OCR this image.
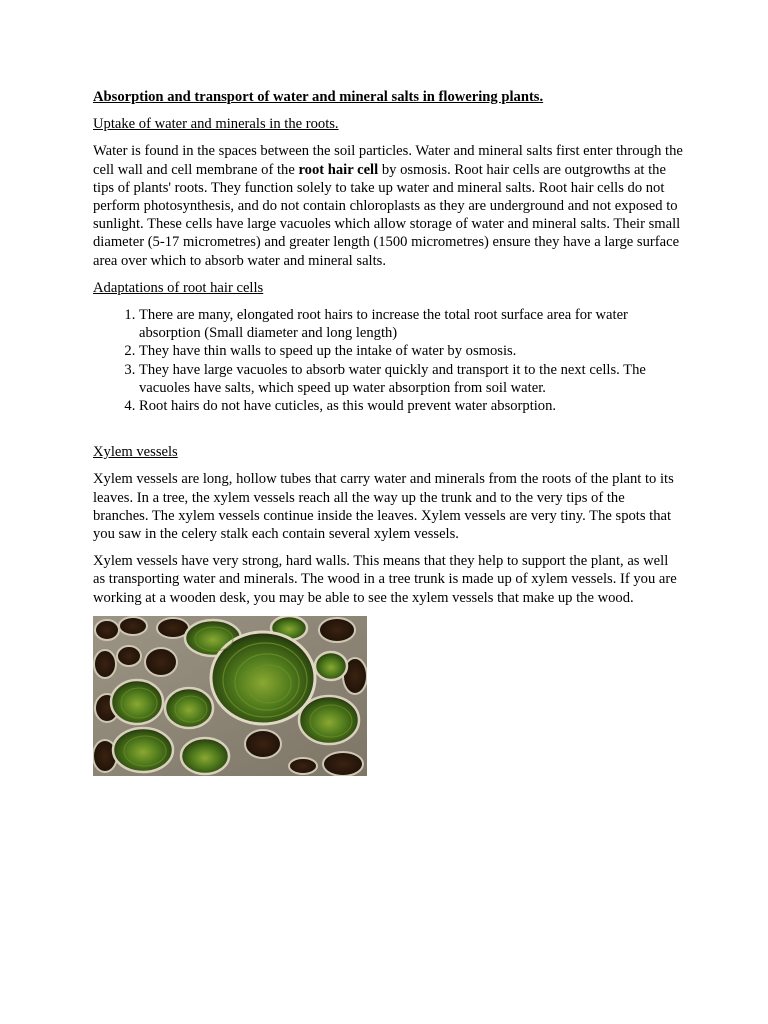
Absorption and transport of water and mineral salts in flowering plants.

Uptake of water and minerals in the roots.

Water is found in the spaces between the soil particles. Water and mineral salts first enter through the cell wall and cell membrane of the root hair cell by osmosis. Root hair cells are outgrowths at the tips of plants' roots. They function solely to take up water and mineral salts. Root hair cells do not perform photosynthesis, and do not contain chloroplasts as they are underground and not exposed to sunlight. These cells have large vacuoles which allow storage of water and mineral salts. Their small diameter (5-17 micrometres) and greater length (1500 micrometres) ensure they have a large surface area over which to absorb water and mineral salts.

Adaptations of root hair cells

1. There are many, elongated root hairs to increase the total root surface area for water absorption (Small diameter and long length)
2. They have thin walls to speed up the intake of water by osmosis.
3. They have large vacuoles to absorb water quickly and transport it to the next cells. The vacuoles have salts, which speed up water absorption from soil water.
4. Root hairs do not have cuticles, as this would prevent water absorption.

Xylem vessels

Xylem vessels are long, hollow tubes that carry water and minerals from the roots of the plant to its leaves. In a tree, the xylem vessels reach all the way up the trunk and to the very tips of the branches. The xylem vessels continue inside the leaves. Xylem vessels are very tiny. The spots that you saw in the celery stalk each contain several xylem vessels.

Xylem vessels have very strong, hard walls. This means that they help to support the plant, as well as transporting water and minerals. The wood in a tree trunk is made up of xylem vessels. If you are working at a wooden desk, you may be able to see the xylem vessels that make up the wood.
